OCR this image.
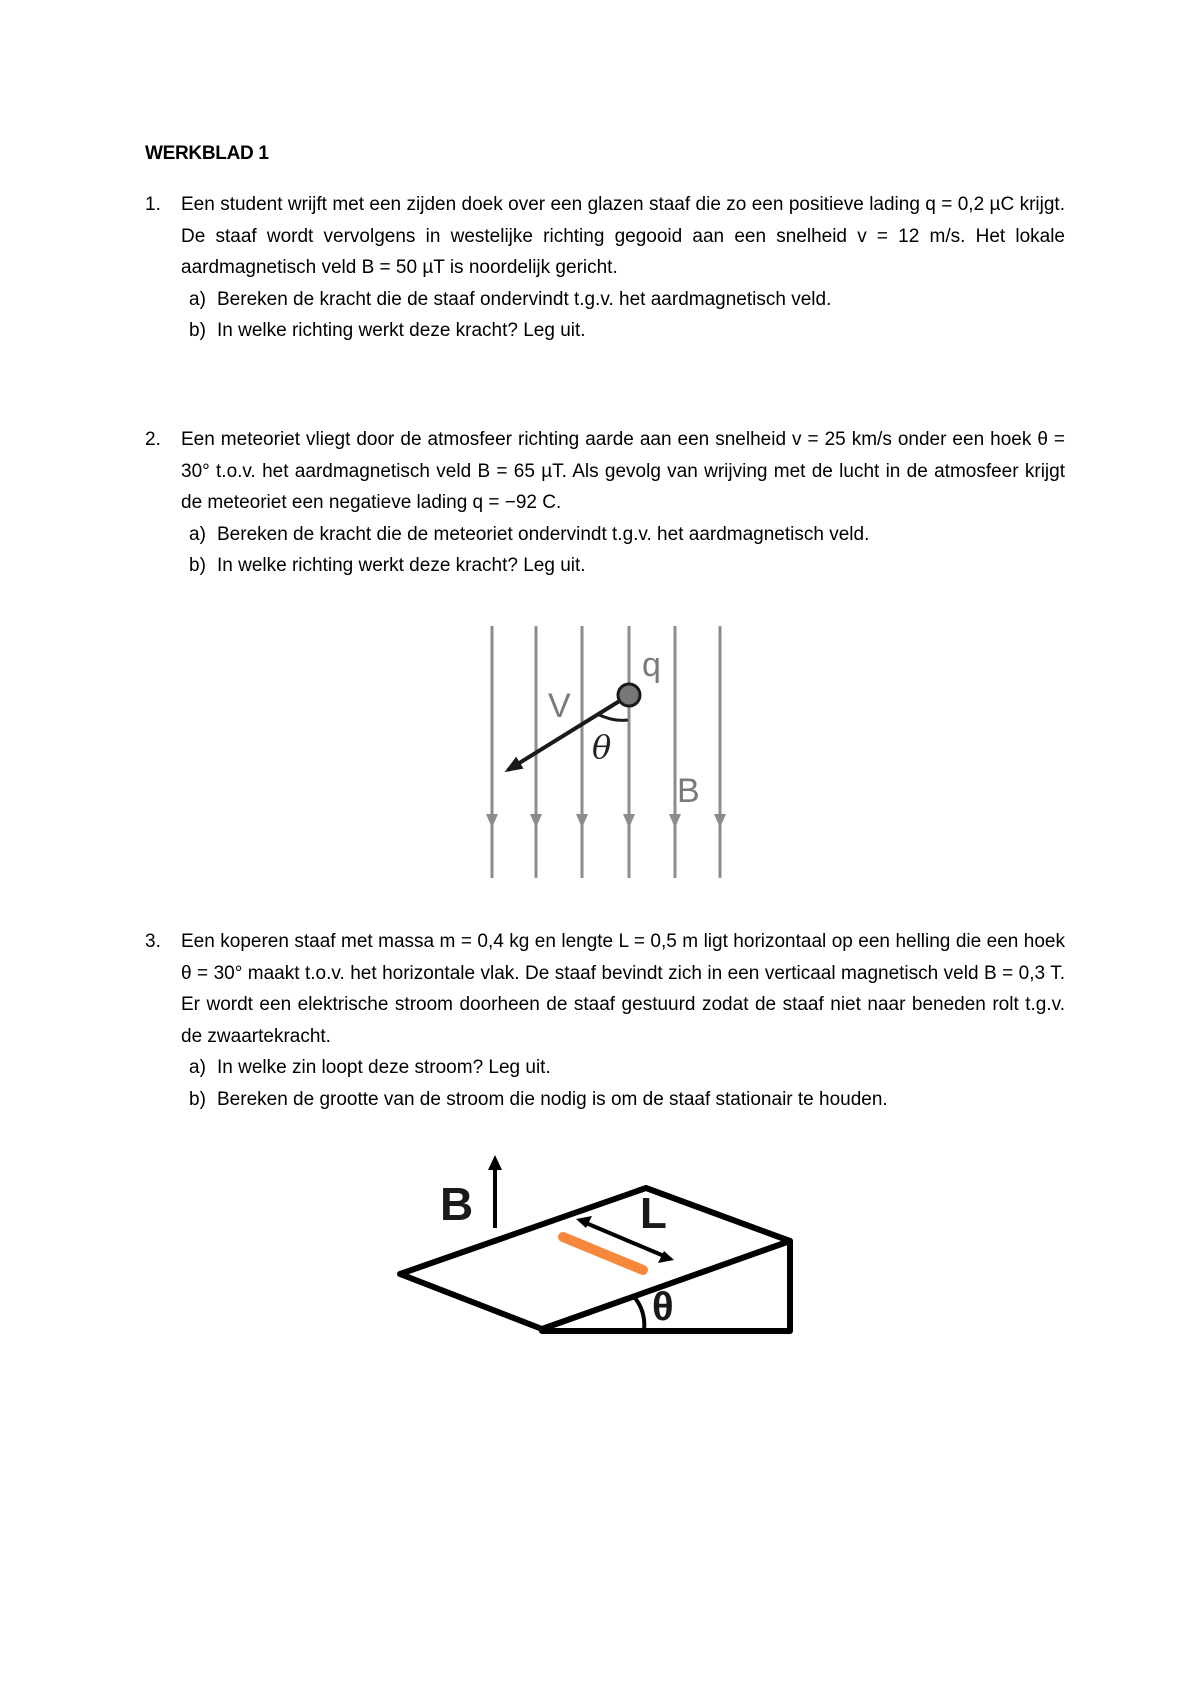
WERKBLAD 1
1.	Een student wrijft met een zijden doek over een glazen staaf die zo een positieve lading q = 0,2 µC krijgt. De staaf wordt vervolgens in westelijke richting gegooid aan een snelheid v = 12 m/s. Het lokale aardmagnetisch veld B = 50 µT is noordelijk gericht.
a) Bereken de kracht die de staaf ondervindt t.g.v. het aardmagnetisch veld.
b) In welke richting werkt deze kracht? Leg uit.
2.	Een meteoriet vliegt door de atmosfeer richting aarde aan een snelheid v = 25 km/s onder een hoek θ = 30° t.o.v. het aardmagnetisch veld B = 65 µT. Als gevolg van wrijving met de lucht in de atmosfeer krijgt de meteoriet een negatieve lading q = −92 C.
a) Bereken de kracht die de meteoriet ondervindt t.g.v. het aardmagnetisch veld.
b) In welke richting werkt deze kracht? Leg uit.
q
V
θ
B
3.	Een koperen staaf met massa m = 0,4 kg en lengte L = 0,5 m ligt horizontaal op een helling die een hoek θ = 30° maakt t.o.v. het horizontale vlak. De staaf bevindt zich in een verticaal magnetisch veld B = 0,3 T. Er wordt een elektrische stroom doorheen de staaf gestuurd zodat de staaf niet naar beneden rolt t.g.v. de zwaartekracht.
a) In welke zin loopt deze stroom? Leg uit.
b) Bereken de grootte van de stroom die nodig is om de staaf stationair te houden.
B	L
θ
